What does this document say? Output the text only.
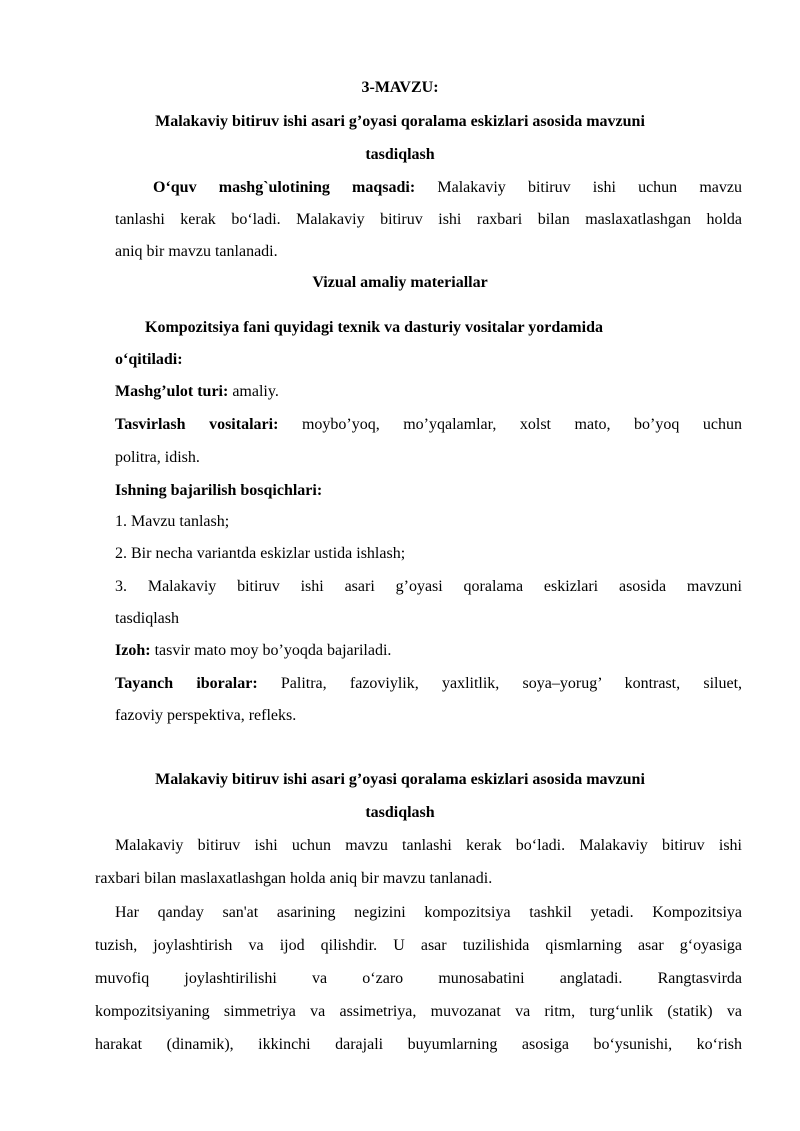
3-MAVZU:
Malakaviy bitiruv ishi asari g’oyasi qoralama eskizlari asosida mavzuni
tasdiqlash
O‘quv mashg`ulotining maqsadi: Malakaviy bitiruv ishi uchun mavzu
tanlashi kerak bo‘ladi. Malakaviy bitiruv ishi raxbari bilan maslaxatlashgan holda
aniq bir mavzu tanlanadi.
Vizual amaliy materiallar
Kompozitsiya fani quyidagi texnik va dasturiy vositalar yordamida
o‘qitiladi:
Mashg’ulot turi: amaliy.
Tasvirlash vositalari: moybo’yoq, mo’yqalamlar, xolst mato, bo’yoq uchun
politra, idish.
Ishning bajarilish bosqichlari:
1. Mavzu tanlash;
2. Bir necha variantda eskizlar ustida ishlash;
3. Malakaviy bitiruv ishi asari g’oyasi qoralama eskizlari asosida mavzuni
tasdiqlash
Izoh: tasvir mato moy bo’yoqda bajariladi.
Tayanch iboralar: Palitra, fazoviylik, yaxlitlik, soya–yorug’ kontrast, siluet,
fazoviy perspektiva, refleks.
Malakaviy bitiruv ishi asari g’oyasi qoralama eskizlari asosida mavzuni
tasdiqlash
Malakaviy bitiruv ishi uchun mavzu tanlashi kerak bo‘ladi. Malakaviy bitiruv ishi
raxbari bilan maslaxatlashgan holda aniq bir mavzu tanlanadi.
Har qanday san'at asarining negizini kompozitsiya tashkil yetadi. Kompozitsiya
tuzish, joylashtirish va ijod qilishdir. U asar tuzilishida qismlarning asar g‘oyasiga
muvofiq joylashtirilishi va o‘zaro munosabatini anglatadi. Rangtasvirda
kompozitsiyaning simmetriya va assimetriya, muvozanat va ritm, turg‘unlik (statik) va
harakat (dinamik), ikkinchi darajali buyumlarning asosiga bo‘ysunishi, ko‘rish
